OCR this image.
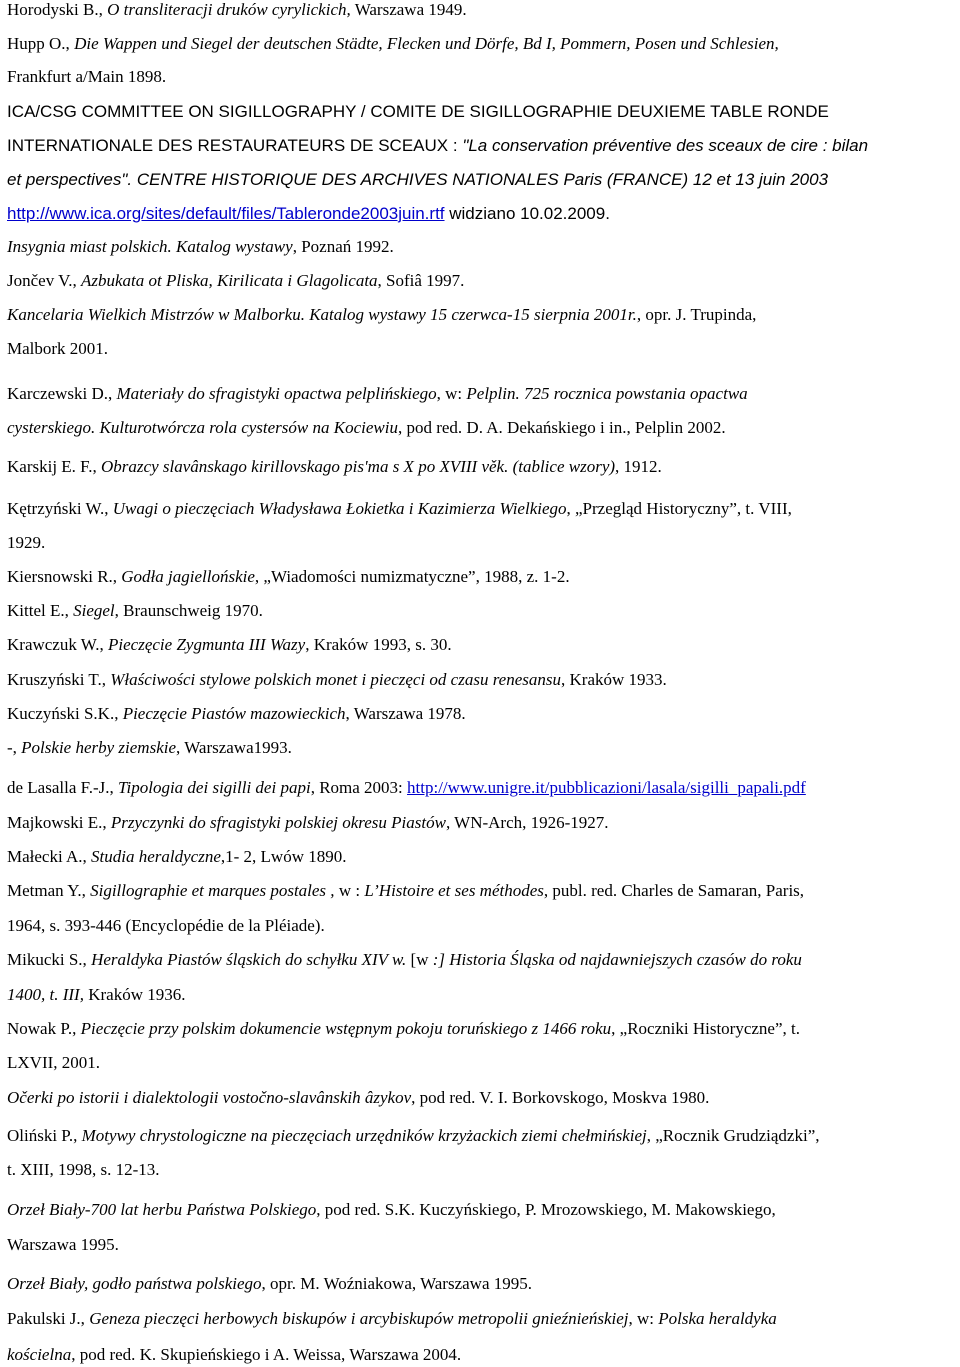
Horodyski B., O transliteracji druków cyrylickich, Warszawa 1949.
Hupp O., Die Wappen und Siegel der deutschen Städte, Flecken und Dörfe, Bd I, Pommern, Posen und Schlesien,
Frankfurt a/Main 1898.
ICA/CSG COMMITTEE ON SIGILLOGRAPHY / COMITE DE SIGILLOGRAPHIE DEUXIEME TABLE RONDE
INTERNATIONALE DES RESTAURATEURS DE SCEAUX : "La conservation préventive des sceaux de cire : bilan
et perspectives". CENTRE HISTORIQUE DES ARCHIVES NATIONALES Paris (FRANCE) 12 et 13 juin 2003
http://www.ica.org/sites/default/files/Tableronde2003juin.rtf widziano 10.02.2009.
Insygnia miast polskich. Katalog wystawy, Poznań 1992.
Jončev V., Azbukata ot Pliska, Kirilicata i Glagolicata, Sofiâ 1997.
Kancelaria Wielkich Mistrzów w Malborku. Katalog wystawy 15 czerwca-15 sierpnia 2001r., opr. J. Trupinda,
Malbork 2001.
Karczewski D., Materiały do sfragistyki opactwa pelplińskiego, w: Pelplin. 725 rocznica powstania opactwa
cysterskiego. Kulturotwórcza rola cystersów na Kociewiu, pod red. D. A. Dekańskiego i in., Pelplin 2002.
Karskij E. F., Obrazcy slavânskago kirillovskago pis'ma s X po XVIII věk. (tablice wzory), 1912.
Kętrzyński W., Uwagi o pieczęciach Władysława Łokietka i Kazimierza Wielkiego, „Przegląd Historyczny”, t. VIII,
1929.
Kiersnowski R., Godła jagiellońskie, „Wiadomości numizmatyczne”, 1988, z. 1-2.
Kittel E., Siegel, Braunschweig 1970.
Krawczuk W., Pieczęcie Zygmunta III Wazy, Kraków 1993, s. 30.
Kruszyński T., Właściwości stylowe polskich monet i pieczęci od czasu renesansu, Kraków 1933.
Kuczyński S.K., Pieczęcie Piastów mazowieckich, Warszawa 1978.
-, Polskie herby ziemskie, Warszawa1993.
de Lasalla F.-J., Tipologia dei sigilli dei papi, Roma 2003: http://www.unigre.it/pubblicazioni/lasala/sigilli_papali.pdf
Majkowski E., Przyczynki do sfragistyki polskiej okresu Piastów, WN-Arch, 1926-1927.
Małecki A., Studia heraldyczne,1- 2, Lwów 1890.
Metman Y., Sigillographie et marques postales , w : L’Histoire et ses méthodes, publ. red. Charles de Samaran, Paris,
1964, s. 393-446 (Encyclopédie de la Pléiade).
Mikucki S., Heraldyka Piastów śląskich do schyłku XIV w. [w :] Historia Śląska od najdawniejszych czasów do roku
1400, t. III, Kraków 1936.
Nowak P., Pieczęcie przy polskim dokumencie wstępnym pokoju toruńskiego z 1466 roku, „Roczniki Historyczne”, t.
LXVII, 2001.
Očerki po istorii i dialektologii vostočno-slavânskih âzykov, pod red. V. I. Borkovskogo, Moskva 1980.
Oliński P., Motywy chrystologiczne na pieczęciach urzędników krzyżackich ziemi chełmińskiej, „Rocznik Grudziądzki”,
t. XIII, 1998, s. 12-13.
Orzeł Biały-700 lat herbu Państwa Polskiego, pod red. S.K. Kuczyńskiego, P. Mrozowskiego, M. Makowskiego,
Warszawa 1995.
Orzeł Biały, godło państwa polskiego, opr. M. Woźniakowa, Warszawa 1995.
Pakulski J., Geneza pieczęci herbowych biskupów i arcybiskupów metropolii gnieźnieńskiej, w: Polska heraldyka
kościelna, pod red. K. Skupieńskiego i A. Weissa, Warszawa 2004.
